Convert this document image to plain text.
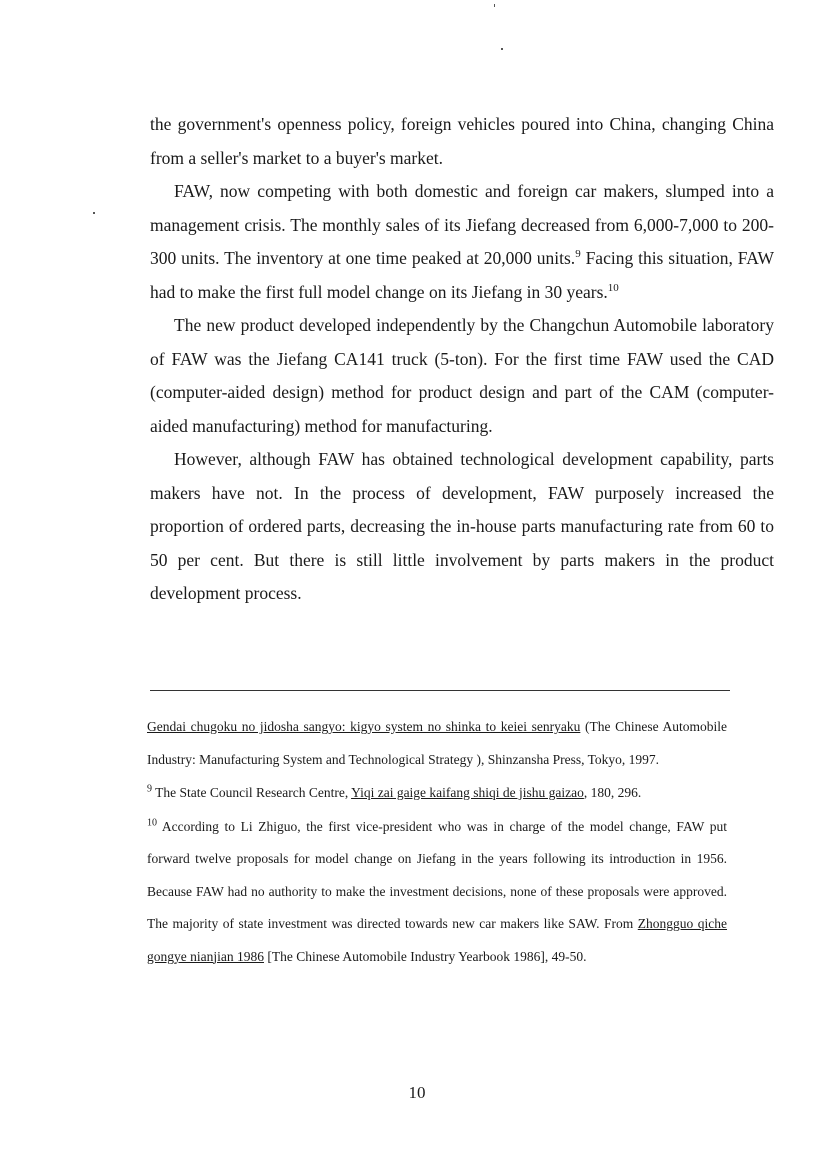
the government's openness policy, foreign vehicles poured into China, changing China from a seller's market to a buyer's market.

FAW, now competing with both domestic and foreign car makers, slumped into a management crisis. The monthly sales of its Jiefang decreased from 6,000-7,000 to 200-300 units. The inventory at one time peaked at 20,000 units.$^9$ Facing this situation, FAW had to make the first full model change on its Jiefang in 30 years.$^{10}$

The new product developed independently by the Changchun Automobile laboratory of FAW was the Jiefang CA141 truck (5-ton). For the first time FAW used the CAD (computer-aided design) method for product design and part of the CAM (computer-aided manufacturing) method for manufacturing.

However, although FAW has obtained technological development capability, parts makers have not. In the process of development, FAW purposely increased the proportion of ordered parts, decreasing the in-house parts manufacturing rate from 60 to 50 per cent. But there is still little involvement by parts makers in the product development process.

Gendai chugoku no jidosha sangyo: kigyo system no shinka to keiei senryaku (The Chinese Automobile Industry: Manufacturing System and Technological Strategy ), Shinzansha Press, Tokyo, 1997.

$^9$ The State Council Research Centre, Yiqi zai gaige kaifang shiqi de jishu gaizao, 180, 296.

$^{10}$ According to Li Zhiguo, the first vice-president who was in charge of the model change, FAW put forward twelve proposals for model change on Jiefang in the years following its introduction in 1956. Because FAW had no authority to make the investment decisions, none of these proposals were approved. The majority of state investment was directed towards new car makers like SAW. From Zhongguo qiche gongye nianjian 1986 [The Chinese Automobile Industry Yearbook 1986], 49-50.

10
